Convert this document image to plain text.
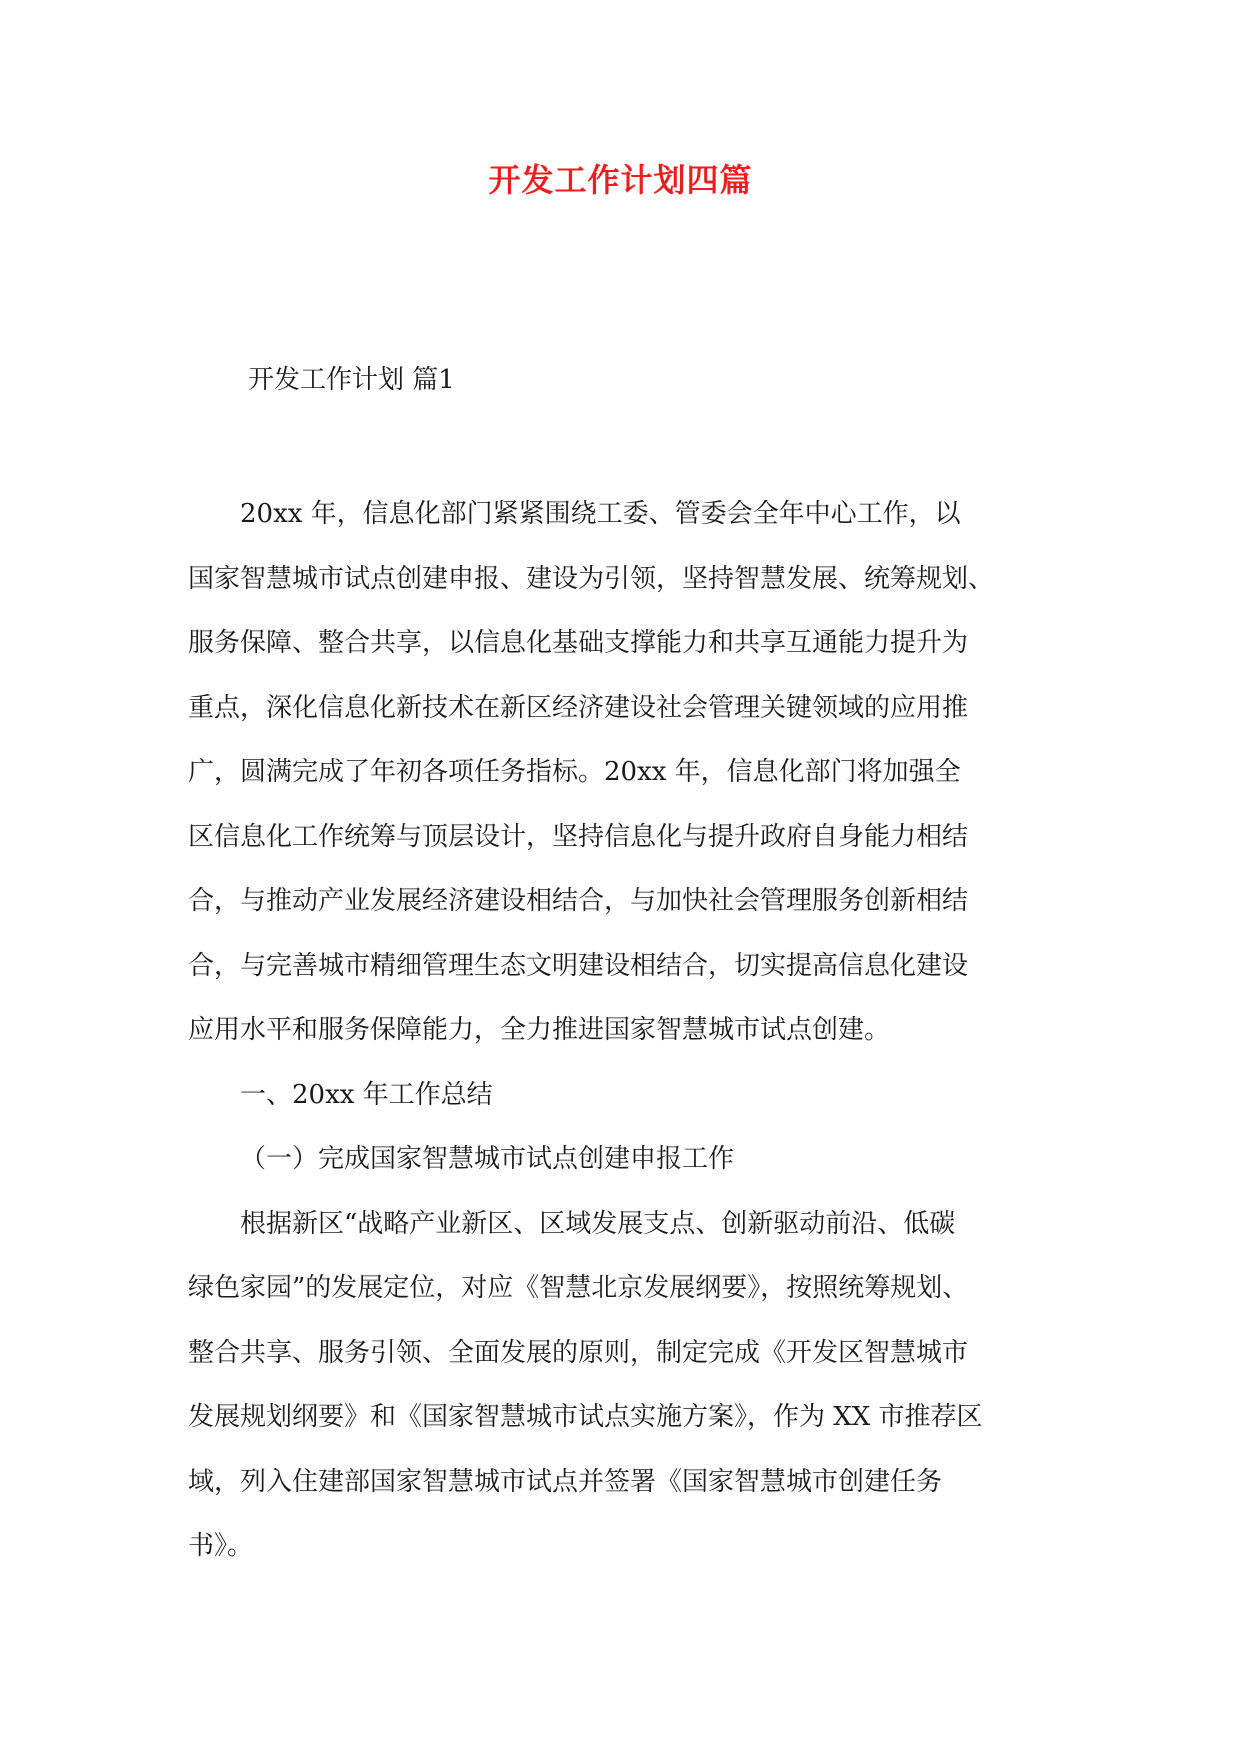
开发工作计划四篇
开发工作计划 篇1
20xx 年，信息化部门紧紧围绕工委、管委会全年中心工作，以
国家智慧城市试点创建申报、建设为引领，坚持智慧发展、统筹规划、
服务保障、整合共享，以信息化基础支撑能力和共享互通能力提升为
重点，深化信息化新技术在新区经济建设社会管理关键领域的应用推
广，圆满完成了年初各项任务指标。20xx 年，信息化部门将加强全
区信息化工作统筹与顶层设计，坚持信息化与提升政府自身能力相结
合，与推动产业发展经济建设相结合，与加快社会管理服务创新相结
合，与完善城市精细管理生态文明建设相结合，切实提高信息化建设
应用水平和服务保障能力，全力推进国家智慧城市试点创建。
一、20xx 年工作总结
（一）完成国家智慧城市试点创建申报工作
根据新区“战略产业新区、区域发展支点、创新驱动前沿、低碳
绿色家园”的发展定位，对应《智慧北京发展纲要》，按照统筹规划、
整合共享、服务引领、全面发展的原则，制定完成《开发区智慧城市
发展规划纲要》和《国家智慧城市试点实施方案》，作为 XX 市推荐区
域，列入住建部国家智慧城市试点并签署《国家智慧城市创建任务
书》。
